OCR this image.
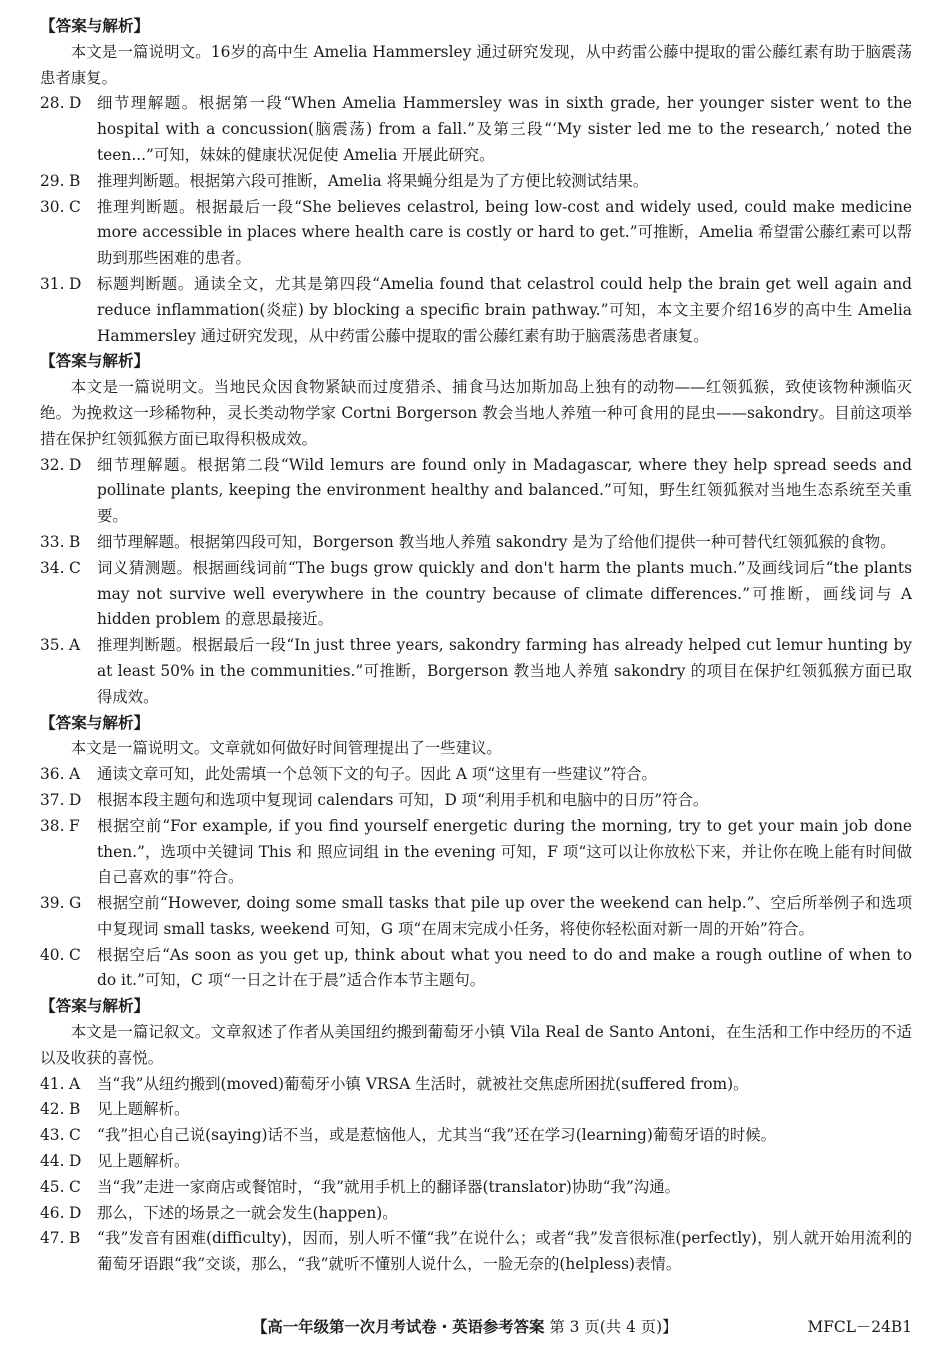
【答案与解析】
本文是一篇说明文。16岁的高中生 Amelia Hammersley 通过研究发现，从中药雷公藤中提取的雷公藤红素有助于脑震荡患者康复。
28. D	细节理解题。根据第一段“When Amelia Hammersley was in sixth grade, her younger sister went to the hospital with a concussion(脑震荡) from a fall.”及第三段“‘My sister led me to the research,’ noted the teen...”可知，妹妹的健康状况促使 Amelia 开展此研究。
29. B	推理判断题。根据第六段可推断，Amelia 将果蝇分组是为了方便比较测试结果。
30. C	推理判断题。根据最后一段“She believes celastrol, being low-cost and widely used, could make medicine more accessible in places where health care is costly or hard to get.”可推断，Amelia 希望雷公藤红素可以帮助到那些困难的患者。
31. D	标题判断题。通读全文，尤其是第四段“Amelia found that celastrol could help the brain get well again and reduce inflammation(炎症) by blocking a specific brain pathway.”可知，本文主要介绍16岁的高中生 Amelia Hammersley 通过研究发现，从中药雷公藤中提取的雷公藤红素有助于脑震荡患者康复。
【答案与解析】
本文是一篇说明文。当地民众因食物紧缺而过度猎杀、捕食马达加斯加岛上独有的动物——红领狐猴，致使该物种濒临灭绝。为挽救这一珍稀物种，灵长类动物学家 Cortni Borgerson 教会当地人养殖一种可食用的昆虫——sakondry。目前这项举措在保护红领狐猴方面已取得积极成效。
32. D	细节理解题。根据第二段“Wild lemurs are found only in Madagascar, where they help spread seeds and pollinate plants, keeping the environment healthy and balanced.”可知，野生红领狐猴对当地生态系统至关重要。
33. B	细节理解题。根据第四段可知，Borgerson 教当地人养殖 sakondry 是为了给他们提供一种可替代红领狐猴的食物。
34. C	词义猜测题。根据画线词前“The bugs grow quickly and don't harm the plants much.”及画线词后“the plants may not survive well everywhere in the country because of climate differences.”可推断，画线词与 A hidden problem 的意思最接近。
35. A	推理判断题。根据最后一段“In just three years, sakondry farming has already helped cut lemur hunting by at least 50% in the communities.”可推断，Borgerson 教当地人养殖 sakondry 的项目在保护红领狐猴方面已取得成效。
【答案与解析】
本文是一篇说明文。文章就如何做好时间管理提出了一些建议。
36. A	通读文章可知，此处需填一个总领下文的句子。因此 A 项“这里有一些建议”符合。
37. D	根据本段主题句和选项中复现词 calendars 可知，D 项“利用手机和电脑中的日历”符合。
38. F	根据空前“For example, if you find yourself energetic during the morning, try to get your main job done then.”，选项中关键词 This 和 照应词组 in the evening 可知，F 项“这可以让你放松下来，并让你在晚上能有时间做自己喜欢的事”符合。
39. G	根据空前“However, doing some small tasks that pile up over the weekend can help.”、空后所举例子和选项中复现词 small tasks, weekend 可知，G 项“在周末完成小任务，将使你轻松面对新一周的开始”符合。
40. C	根据空后“As soon as you get up, think about what you need to do and make a rough outline of when to do it.”可知，C 项“一日之计在于晨”适合作本节主题句。
【答案与解析】
本文是一篇记叙文。文章叙述了作者从美国纽约搬到葡萄牙小镇 Vila Real de Santo Antoni，在生活和工作中经历的不适以及收获的喜悦。
41. A	当“我”从纽约搬到(moved)葡萄牙小镇 VRSA 生活时，就被社交焦虑所困扰(suffered from)。
42. B	见上题解析。
43. C	“我”担心自己说(saying)话不当，或是惹恼他人，尤其当“我”还在学习(learning)葡萄牙语的时候。
44. D	见上题解析。
45. C	当“我”走进一家商店或餐馆时，“我”就用手机上的翻译器(translator)协助“我”沟通。
46. D	那么，下述的场景之一就会发生(happen)。
47. B	“我”发音有困难(difficulty)，因而，别人听不懂“我”在说什么；或者“我”发音很标准(perfectly)，别人就开始用流利的葡萄牙语跟“我”交谈，那么，“我”就听不懂别人说什么，一脸无奈的(helpless)表情。
【高一年级第一次月考试卷・英语参考答案 第 3 页(共 4 页)】	MFCL－24B1
